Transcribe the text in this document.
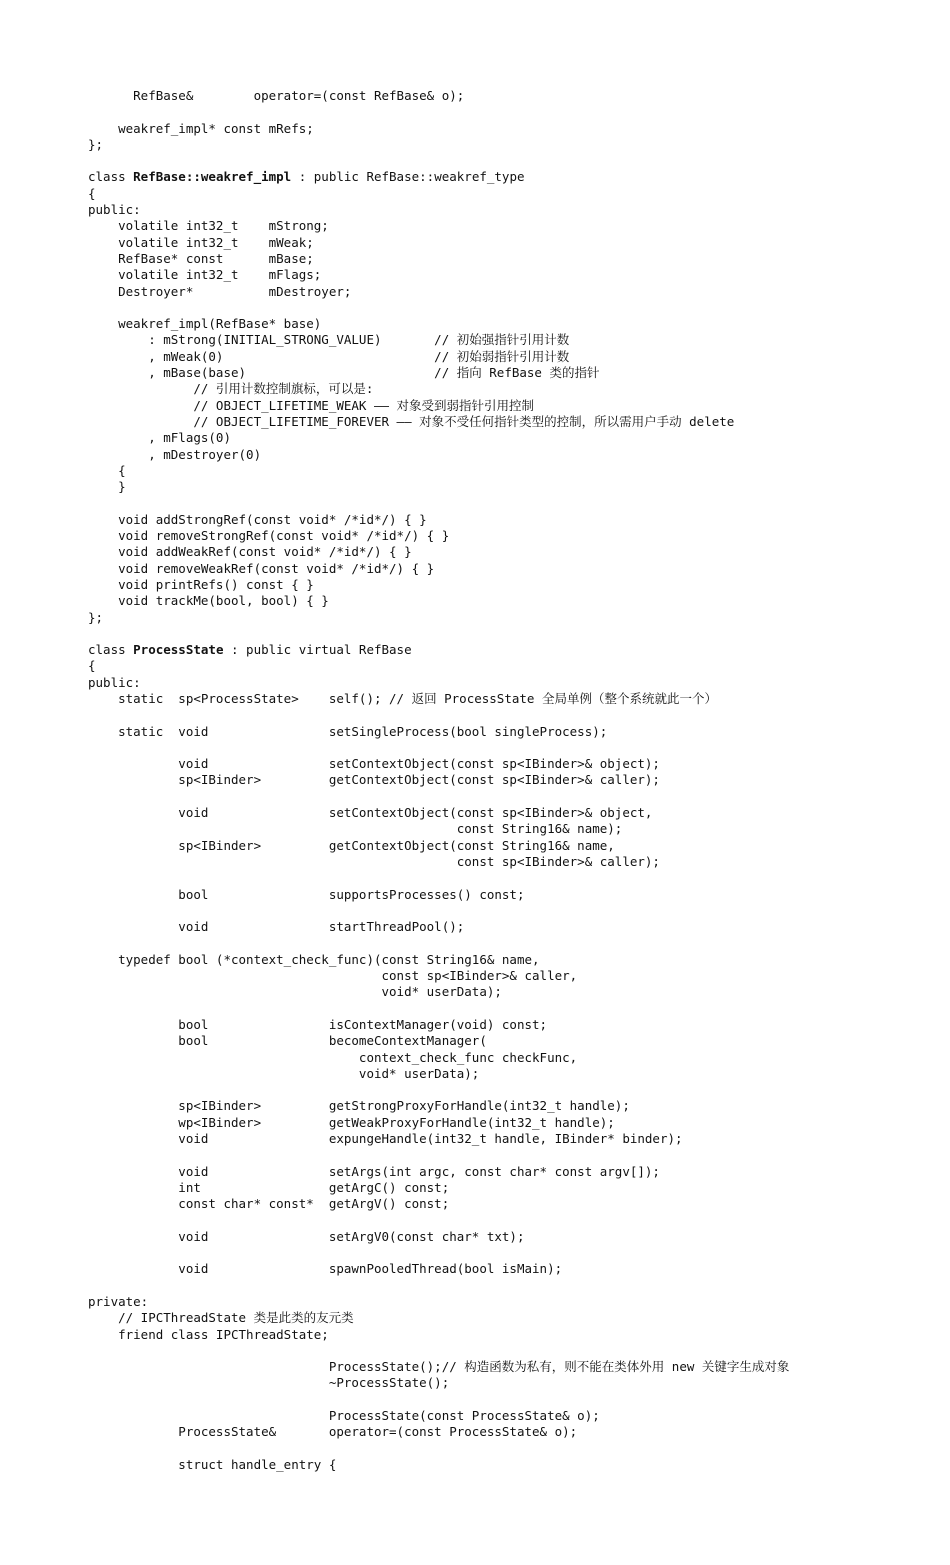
RefBase&        operator=(const RefBase& o);
weakref_impl* const mRefs;
};
class RefBase::weakref_impl : public RefBase::weakref_type
{
public:
volatile int32_t    mStrong;
volatile int32_t    mWeak;
RefBase* const      mBase;
volatile int32_t    mFlags;
Destroyer*          mDestroyer;
weakref_impl(RefBase* base)
: mStrong(INITIAL_STRONG_VALUE)       // 初始强指针引用计数
, mWeak(0)                            // 初始弱指针引用计数
, mBase(base)                         // 指向 RefBase 类的指针
// 引用计数控制旗标，可以是:
// OBJECT_LIFETIME_WEAK —— 对象受到弱指针引用控制
// OBJECT_LIFETIME_FOREVER —— 对象不受任何指针类型的控制，所以需用户手动 delete
, mFlags(0)
, mDestroyer(0)
{
}
void addStrongRef(const void* /*id*/) { }
void removeStrongRef(const void* /*id*/) { }
void addWeakRef(const void* /*id*/) { }
void removeWeakRef(const void* /*id*/) { }
void printRefs() const { }
void trackMe(bool, bool) { }
};
class ProcessState : public virtual RefBase
{
public:
static  sp<ProcessState>    self(); // 返回 ProcessState 全局单例（整个系统就此一个）
static  void                setSingleProcess(bool singleProcess);
void                setContextObject(const sp<IBinder>& object);
sp<IBinder>         getContextObject(const sp<IBinder>& caller);
void                setContextObject(const sp<IBinder>& object,
const String16& name);
sp<IBinder>         getContextObject(const String16& name,
const sp<IBinder>& caller);
bool                supportsProcesses() const;
void                startThreadPool();
typedef bool (*context_check_func)(const String16& name,
const sp<IBinder>& caller,
void* userData);
bool                isContextManager(void) const;
bool                becomeContextManager(
context_check_func checkFunc,
void* userData);
sp<IBinder>         getStrongProxyForHandle(int32_t handle);
wp<IBinder>         getWeakProxyForHandle(int32_t handle);
void                expungeHandle(int32_t handle, IBinder* binder);
void                setArgs(int argc, const char* const argv[]);
int                 getArgC() const;
const char* const*  getArgV() const;
void                setArgV0(const char* txt);
void                spawnPooledThread(bool isMain);
private:
// IPCThreadState 类是此类的友元类
friend class IPCThreadState;
ProcessState();// 构造函数为私有，则不能在类体外用 new 关键字生成对象
~ProcessState();
ProcessState(const ProcessState& o);
ProcessState&       operator=(const ProcessState& o);
struct handle_entry {
